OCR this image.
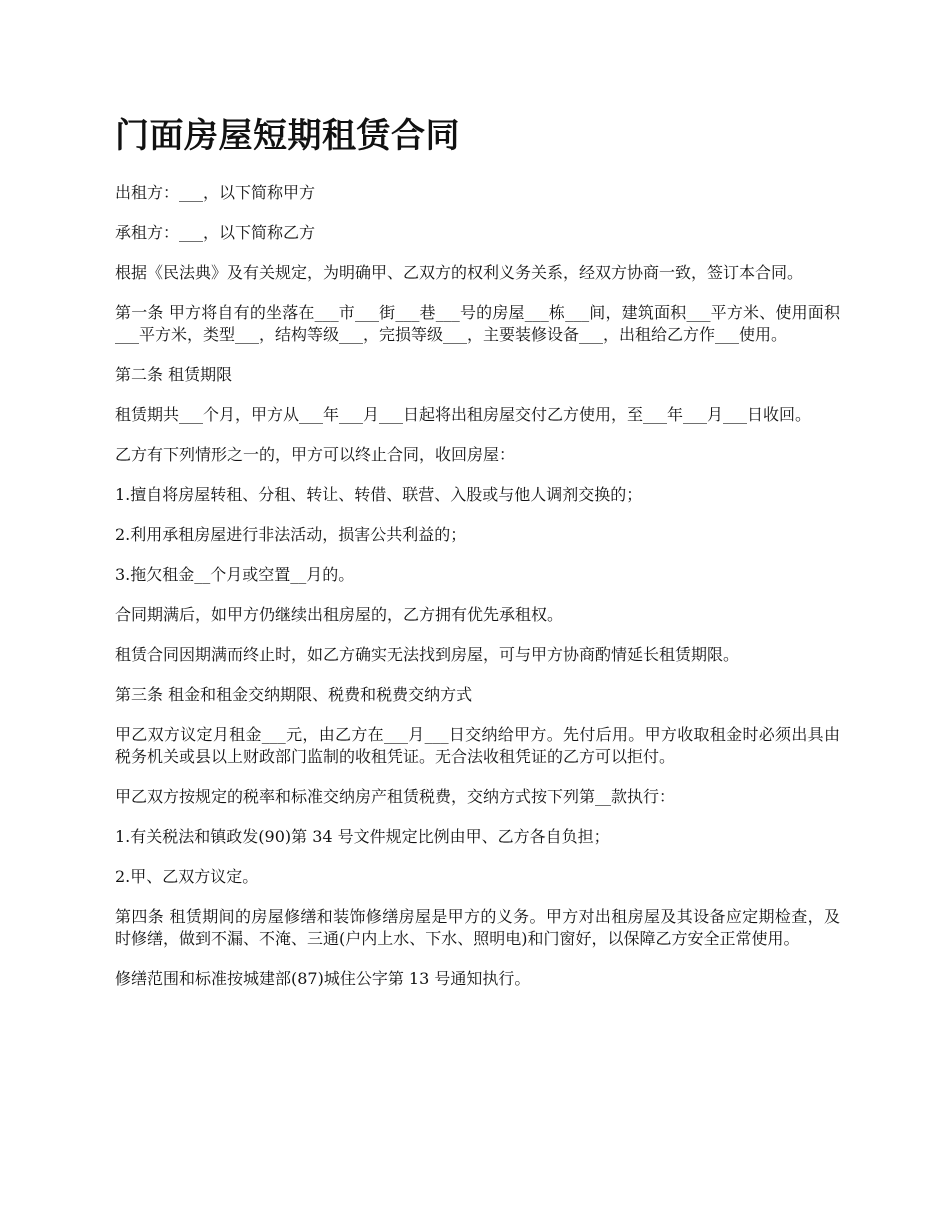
门面房屋短期租赁合同

出租方：___，以下简称甲方

承租方：___，以下简称乙方

根据《民法典》及有关规定，为明确甲、乙双方的权利义务关系，经双方协商一致，签订本合同。

第一条 甲方将自有的坐落在___市___街___巷___号的房屋___栋___间，建筑面积___平方米、使用面积___平方米，类型___，结构等级___，完损等级___，主要装修设备___，出租给乙方作___使用。

第二条 租赁期限

租赁期共___个月，甲方从___年___月___日起将出租房屋交付乙方使用，至___年___月___日收回。

乙方有下列情形之一的，甲方可以终止合同，收回房屋：

1.擅自将房屋转租、分租、转让、转借、联营、入股或与他人调剂交换的；

2.利用承租房屋进行非法活动，损害公共利益的；

3.拖欠租金__个月或空置__月的。

合同期满后，如甲方仍继续出租房屋的，乙方拥有优先承租权。

租赁合同因期满而终止时，如乙方确实无法找到房屋，可与甲方协商酌情延长租赁期限。

第三条 租金和租金交纳期限、税费和税费交纳方式

甲乙双方议定月租金___元，由乙方在___月___日交纳给甲方。先付后用。甲方收取租金时必须出具由税务机关或县以上财政部门监制的收租凭证。无合法收租凭证的乙方可以拒付。

甲乙双方按规定的税率和标准交纳房产租赁税费，交纳方式按下列第__款执行：

1.有关税法和镇政发(90)第 34 号文件规定比例由甲、乙方各自负担；

2.甲、乙双方议定。

第四条 租赁期间的房屋修缮和装饰修缮房屋是甲方的义务。甲方对出租房屋及其设备应定期检查，及时修缮，做到不漏、不淹、三通(户内上水、下水、照明电)和门窗好，以保障乙方安全正常使用。

修缮范围和标准按城建部(87)城住公字第 13 号通知执行。
